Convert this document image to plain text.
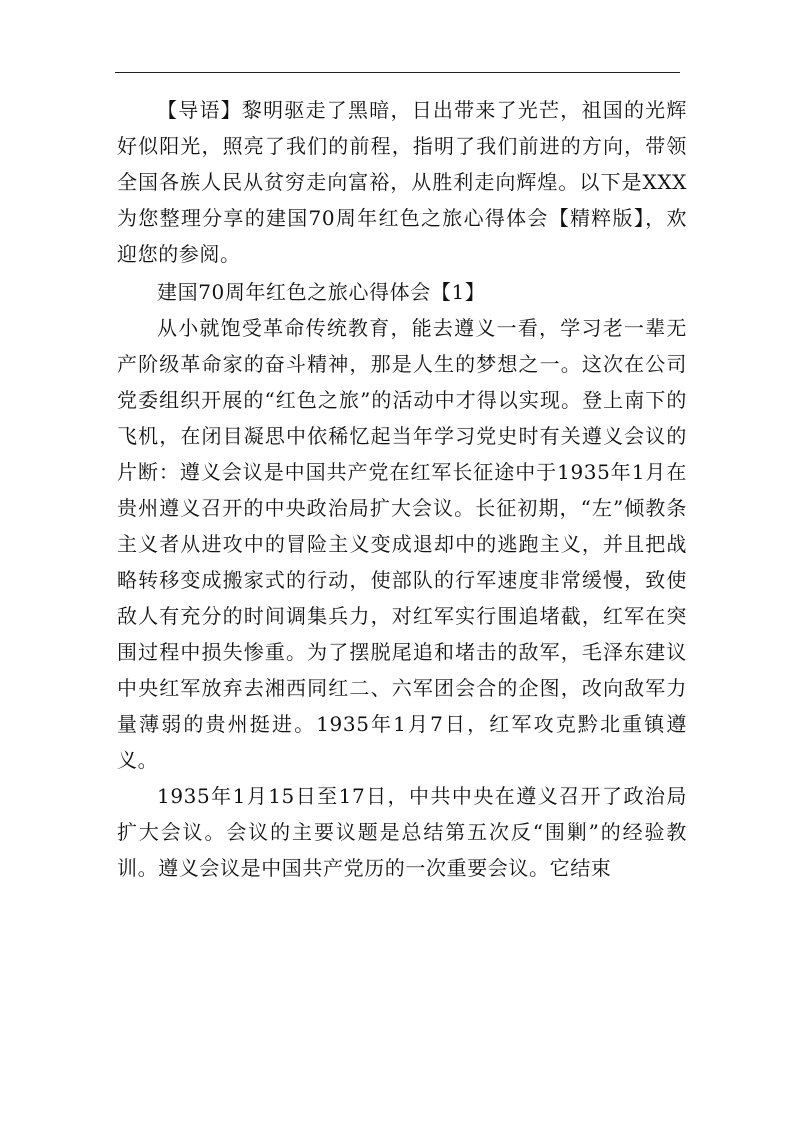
【导语】黎明驱走了黑暗，日出带来了光芒，祖国的光辉好似阳光，照亮了我们的前程，指明了我们前进的方向，带领全国各族人民从贫穷走向富裕，从胜利走向辉煌。以下是XXX为您整理分享的建国70周年红色之旅心得体会【精粹版】，欢迎您的参阅。

建国70周年红色之旅心得体会【1】

从小就饱受革命传统教育，能去遵义一看，学习老一辈无产阶级革命家的奋斗精神，那是人生的梦想之一。这次在公司党委组织开展的“红色之旅”的活动中才得以实现。登上南下的飞机，在闭目凝思中依稀忆起当年学习党史时有关遵义会议的片断：遵义会议是中国共产党在红军长征途中于1935年1月在贵州遵义召开的中央政治局扩大会议。长征初期，“左”倾教条主义者从进攻中的冒险主义变成退却中的逃跑主义，并且把战略转移变成搬家式的行动，使部队的行军速度非常缓慢，致使敌人有充分的时间调集兵力，对红军实行围追堵截，红军在突围过程中损失惨重。为了摆脱尾追和堵击的敌军，毛泽东建议中央红军放弃去湘西同红二、六军团会合的企图，改向敌军力量薄弱的贵州挺进。1935年1月7日，红军攻克黔北重镇遵义。

1935年1月15日至17日，中共中央在遵义召开了政治局扩大会议。会议的主要议题是总结第五次反“围剿”的经验教训。遵义会议是中国共产党历的一次重要会议。它结束
